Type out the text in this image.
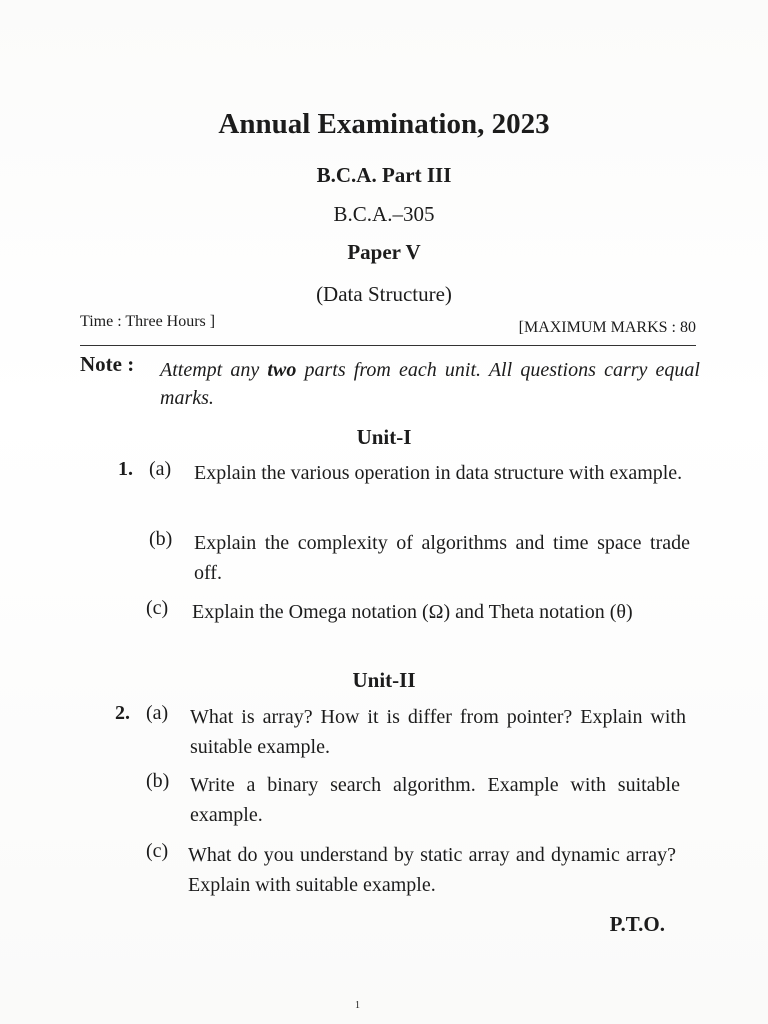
Annual Examination, 2023
B.C.A. Part III
B.C.A.–305
Paper V
(Data Structure)
Time : Three Hours ]	[MAXIMUM MARKS : 80
Note : Attempt any two parts from each unit. All questions carry equal marks.
Unit-I
1. (a) Explain the various operation in data structure with example.
(b) Explain the complexity of algorithms and time space trade off.
(c) Explain the Omega notation (Ω) and Theta notation (θ)
Unit-II
2. (a) What is array? How it is differ from pointer? Explain with suitable example.
(b) Write a binary search algorithm. Example with suitable example.
(c) What do you understand by static array and dynamic array? Explain with suitable example.
P.T.O.
1
